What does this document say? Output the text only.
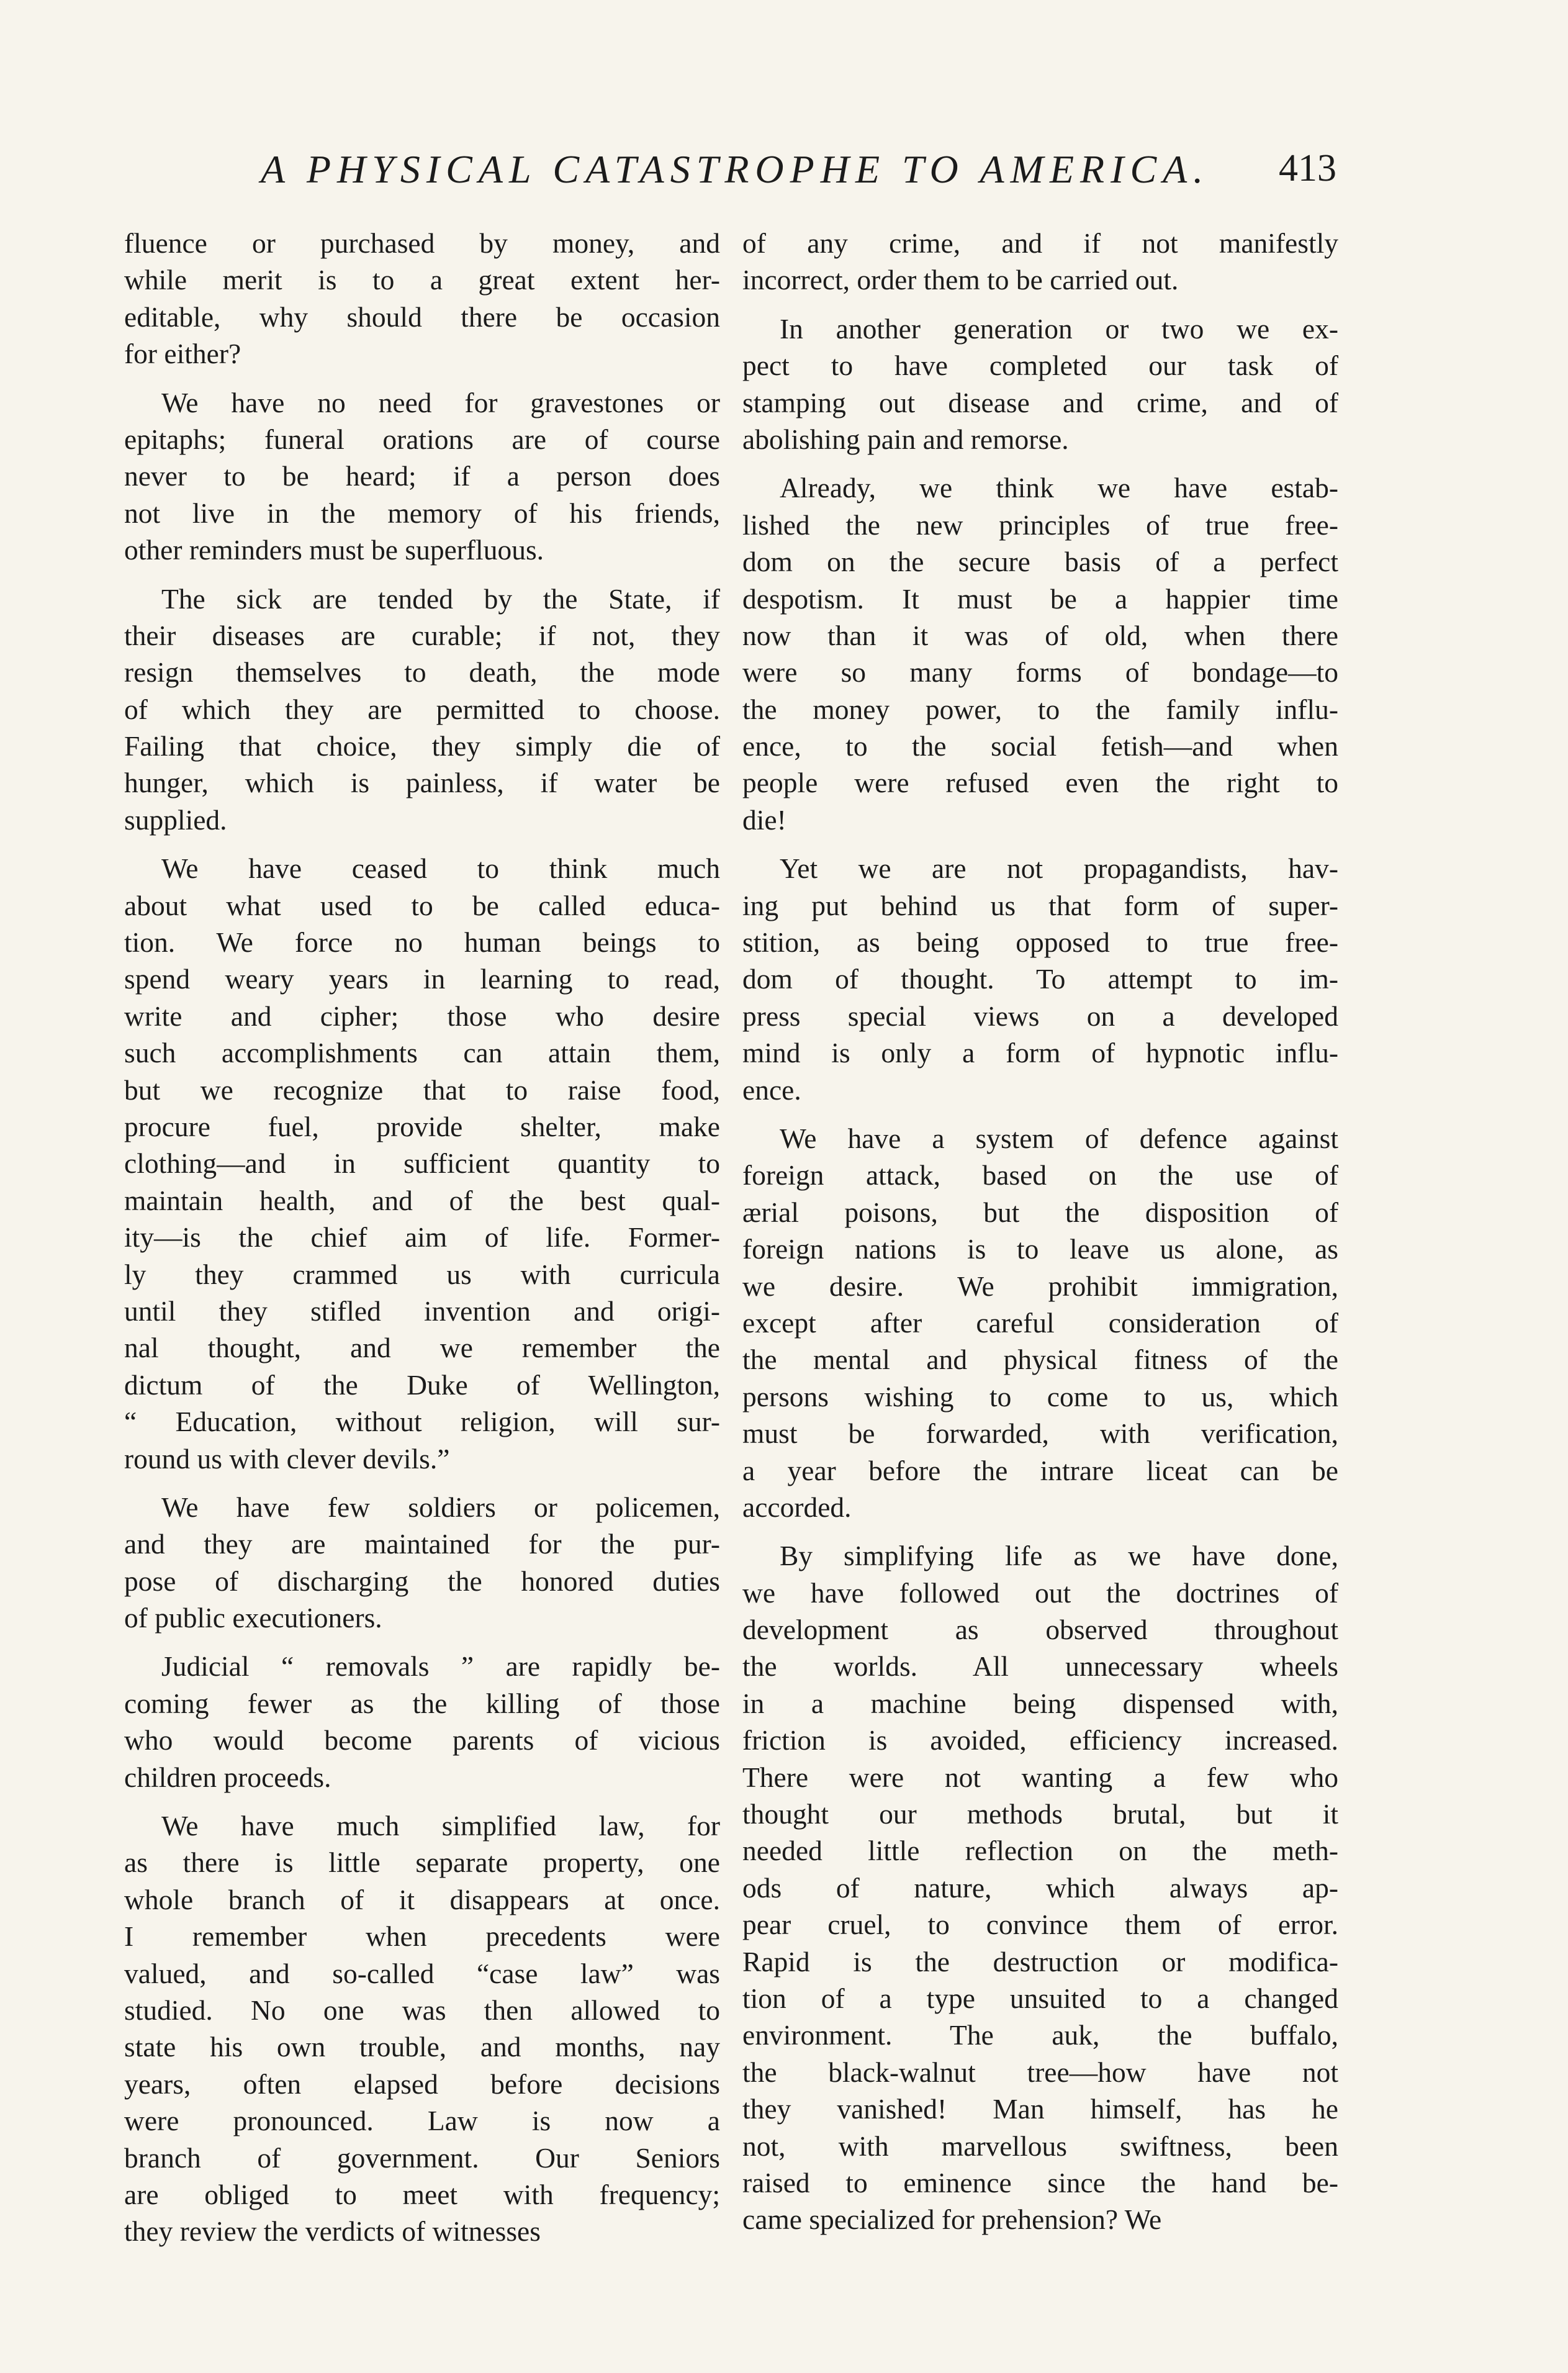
A PHYSICAL CATASTROPHE TO AMERICA. 413
fluence or purchased by money, and
while merit is to a great extent her-
editable, why should there be occasion
for either?
We have no need for gravestones or
epitaphs; funeral orations are of course
never to be heard; if a person does
not live in the memory of his friends,
other reminders must be superfluous.
The sick are tended by the State, if
their diseases are curable; if not, they
resign themselves to death, the mode
of which they are permitted to choose.
Failing that choice, they simply die of
hunger, which is painless, if water be
supplied.
We have ceased to think much
about what used to be called educa-
tion. We force no human beings to
spend weary years in learning to read,
write and cipher; those who desire
such accomplishments can attain them,
but we recognize that to raise food,
procure fuel, provide shelter, make
clothing—and in sufficient quantity to
maintain health, and of the best qual-
ity—is the chief aim of life. Former-
ly they crammed us with curricula
until they stifled invention and origi-
nal thought, and we remember the
dictum of the Duke of Wellington,
“ Education, without religion, will sur-
round us with clever devils.”
We have few soldiers or policemen,
and they are maintained for the pur-
pose of discharging the honored duties
of public executioners.
Judicial “ removals ” are rapidly be-
coming fewer as the killing of those
who would become parents of vicious
children proceeds.
We have much simplified law, for
as there is little separate property, one
whole branch of it disappears at once.
I remember when precedents were
valued, and so-called “case law” was
studied. No one was then allowed to
state his own trouble, and months, nay
years, often elapsed before decisions
were pronounced. Law is now a
branch of government. Our Seniors
are obliged to meet with frequency;
they review the verdicts of witnesses
of any crime, and if not manifestly
incorrect, order them to be carried out.
In another generation or two we ex-
pect to have completed our task of
stamping out disease and crime, and of
abolishing pain and remorse.
Already, we think we have estab-
lished the new principles of true free-
dom on the secure basis of a perfect
despotism. It must be a happier time
now than it was of old, when there
were so many forms of bondage—to
the money power, to the family influ-
ence, to the social fetish—and when
people were refused even the right to
die!
Yet we are not propagandists, hav-
ing put behind us that form of super-
stition, as being opposed to true free-
dom of thought. To attempt to im-
press special views on a developed
mind is only a form of hypnotic influ-
ence.
We have a system of defence against
foreign attack, based on the use of
ærial poisons, but the disposition of
foreign nations is to leave us alone, as
we desire. We prohibit immigration,
except after careful consideration of
the mental and physical fitness of the
persons wishing to come to us, which
must be forwarded, with verification,
a year before the intrare liceat can be
accorded.
By simplifying life as we have done,
we have followed out the doctrines of
development as observed throughout
the worlds. All unnecessary wheels
in a machine being dispensed with,
friction is avoided, efficiency increased.
There were not wanting a few who
thought our methods brutal, but it
needed little reflection on the meth-
ods of nature, which always ap-
pear cruel, to convince them of error.
Rapid is the destruction or modifica-
tion of a type unsuited to a changed
environment. The auk, the buffalo,
the black-walnut tree—how have not
they vanished! Man himself, has he
not, with marvellous swiftness, been
raised to eminence since the hand be-
came specialized for prehension? We
